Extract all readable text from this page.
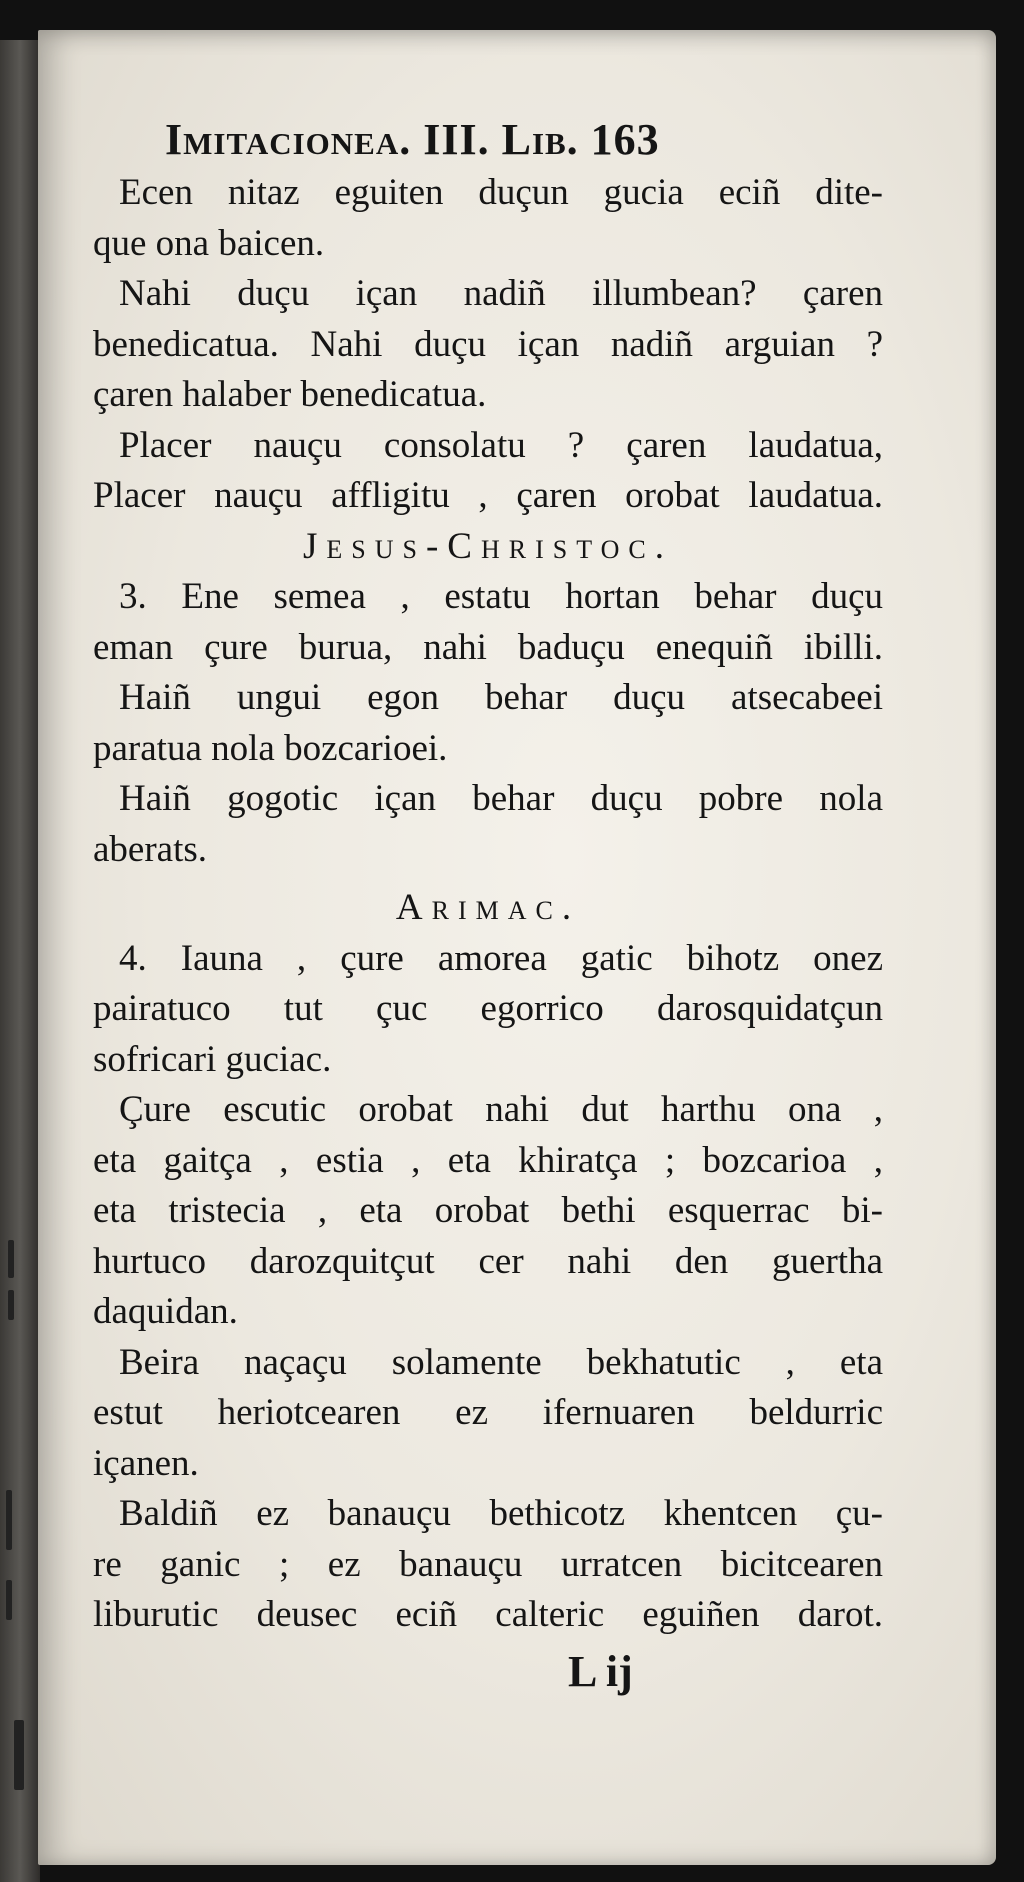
Imitacionea. III. Lib. 163
Ecen nitaz eguiten duçun gucia eciñ dite-
que ona baicen.
Nahi duçu içan nadiñ illumbean? çaren
benedicatua. Nahi duçu içan nadiñ arguian ?
çaren halaber benedicatua.
Placer nauçu consolatu ? çaren laudatua,
Placer nauçu affligitu , çaren orobat laudatua.
Jesus-Christoc.
3. Ene semea , estatu hortan behar duçu
eman çure burua, nahi baduçu enequiñ ibilli.
Haiñ ungui egon behar duçu atsecabeei
paratua nola bozcarioei.
Haiñ gogotic içan behar duçu pobre nola
aberats.
Arimac.
4. Iauna , çure amorea gatic bihotz onez
pairatuco tut çuc egorrico darosquidatçun
sofricari guciac.
Çure escutic orobat nahi dut harthu ona ,
eta gaitça , estia , eta khiratça ; bozcarioa ,
eta tristecia , eta orobat bethi esquerrac bi-
hurtuco darozquitçut cer nahi den guertha
daquidan.
Beira naçaçu solamente bekhatutic , eta
estut heriotcearen ez ifernuaren beldurric
içanen.
Baldiñ ez banauçu bethicotz khentcen çu-
re ganic ; ez banauçu urratcen bicitcearen
liburutic deusec eciñ calteric eguiñen darot.
L ij
